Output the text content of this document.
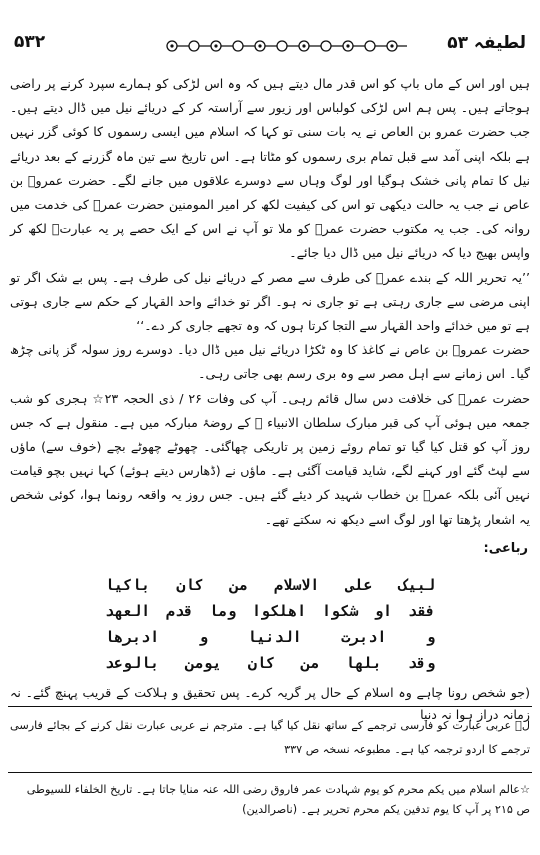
۵۳۲	لطیفہ ۵۳

ہیں اور اس کے ماں باپ کو اس قدر مال دیتے ہیں کہ وہ اس لڑکی کو ہمارے سپرد کرنے پر راضی ہوجاتے ہیں۔ پس ہم اس لڑکی کولباس اور زیور سے آراستہ کر کے دریائے نیل میں ڈال دیتے ہیں۔ جب حضرت عمرو بن العاص نے یہ بات سنی تو کہا کہ اسلام میں ایسی رسموں کا کوئی گزر نہیں ہے بلکہ اپنی آمد سے قبل تمام بری رسموں کو مٹاتا ہے۔ اس تاریخ سے تین ماہ گزرنے کے بعد دریائے نیل کا تمام پانی خشک ہوگیا اور لوگ وہاں سے دوسرے علاقوں میں جانے لگے۔ حضرت عمروؓ بن عاص نے جب یہ حالت دیکھی تو اس کی کیفیت لکھ کر امیر المومنین حضرت عمرؓ کی خدمت میں روانہ کی۔ جب یہ مکتوب حضرت عمرؓ کو ملا تو آپ نے اس کے ایک حصے پر یہ عبارتؔ لکھ کر واپس بھیج دیا کہ دریائے نیل میں ڈال دیا جائے۔

’’یہ تحریر اللہ کے بندے عمرؓ کی طرف سے مصر کے دریائے نیل کی طرف ہے۔ پس بے شک اگر تو اپنی مرضی سے جاری رہتی ہے تو جاری نہ ہو۔ اگر تو خدائے واحد القہار کے حکم سے جاری ہوتی ہے تو میں خدائے واحد القہار سے التجا کرتا ہوں کہ وہ تجھے جاری کر دے۔‘‘

حضرت عمروؓ بن عاص نے کاغذ کا وہ ٹکڑا دریائے نیل میں ڈال دیا۔ دوسرے روز سولہ گز پانی چڑھ گیا۔ اس زمانے سے اہل مصر سے وہ بری رسم بھی جاتی رہی۔

حضرت عمرؓ کی خلافت دس سال قائم رہی۔ آپ کی وفات ۲۶ / ذی الحجہ ۲۳☆ ہجری کو شب جمعہ میں ہوئی آپ کی قبر مبارک سلطان الانبیاء ﷺ کے روضۂ مبارکہ میں ہے۔ منقول ہے کہ جس روز آپ کو قتل کیا گیا تو تمام روئے زمین پر تاریکی چھاگئی۔ چھوٹے چھوٹے بچے (خوف سے) ماؤں سے لپٹ گئے اور کہنے لگے، شاید قیامت آگئی ہے۔ ماؤں نے (ڈھارس دیتے ہوئے) کہا نہیں بچو قیامت نہیں آئی بلکہ عمرؓ بن خطاب شہید کر دیئے گئے ہیں۔ جس روز یہ واقعہ رونما ہوا، کوئی شخص یہ اشعار پڑھتا تھا اور لوگ اسے دیکھ نہ سکتے تھے۔

رباعی:
لبیک علی الاسلام من کان باکیا
فقد او شکوا اهلکوا وما قدم العهد
و ادبرت الدنیا و ادبرها
وقد بلها من کان یومن بالوعد
(جو شخص رونا چاہے وہ اسلام کے حال پر گریہ کرے۔ پس تحقیق و ہلاکت کے قریب پہنچ گئے۔ نہ زمانہ دراز ہوا نہ دنیا
لؔ عربی عبارت کو فارسی ترجمے کے ساتھ نقل کیا گیا ہے۔ مترجم نے عربی عبارت نقل کرنے کے بجائے فارسی ترجمے کا اردو ترجمہ کیا ہے۔ مطبوعہ نسخہ ص ۳۳۷
☆عالم اسلام میں یکم محرم کو یوم شہادت عمر فاروق رضی اللہ عنہ منایا جاتا ہے۔ تاریخ الخلفاء للسیوطی ص ۲۱۵ پر آپ کا یوم تدفین یکم محرم تحریر ہے۔ (ناصرالدین)
